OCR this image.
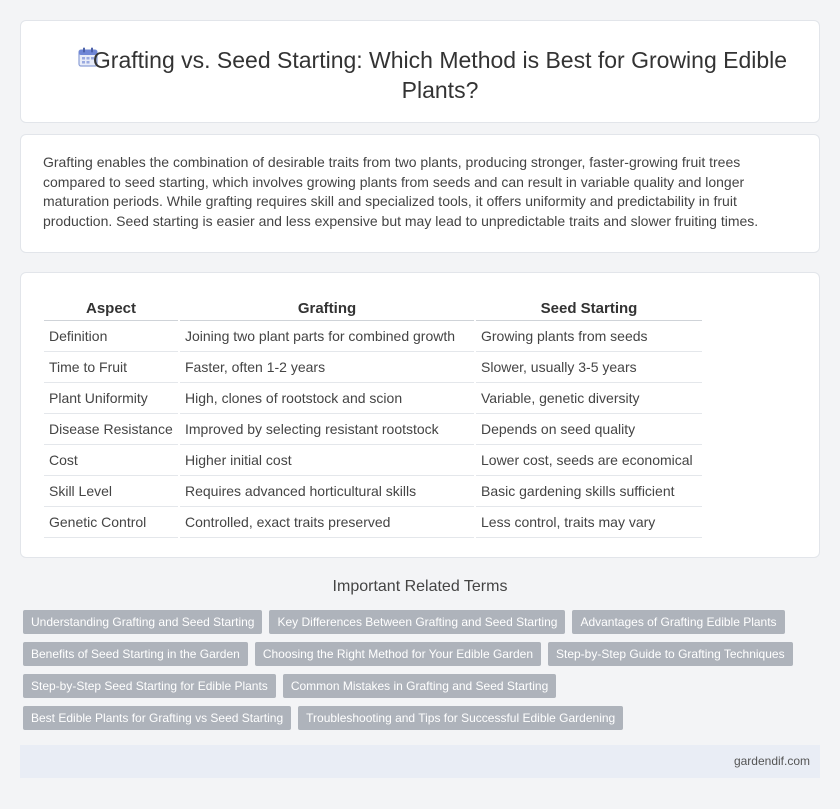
Grafting vs. Seed Starting: Which Method is Best for Growing Edible Plants?

Grafting enables the combination of desirable traits from two plants, producing stronger, faster-growing fruit trees compared to seed starting, which involves growing plants from seeds and can result in variable quality and longer maturation periods. While grafting requires skill and specialized tools, it offers uniformity and predictability in fruit production. Seed starting is easier and less expensive but may lead to unpredictable traits and slower fruiting times.

Aspect	Grafting	Seed Starting
Definition	Joining two plant parts for combined growth	Growing plants from seeds
Time to Fruit	Faster, often 1-2 years	Slower, usually 3-5 years
Plant Uniformity	High, clones of rootstock and scion	Variable, genetic diversity
Disease Resistance	Improved by selecting resistant rootstock	Depends on seed quality
Cost	Higher initial cost	Lower cost, seeds are economical
Skill Level	Requires advanced horticultural skills	Basic gardening skills sufficient
Genetic Control	Controlled, exact traits preserved	Less control, traits may vary
Important Related Terms
Understanding Grafting and Seed Starting	Key Differences Between Grafting and Seed Starting	Advantages of Grafting Edible Plants
Benefits of Seed Starting in the Garden	Choosing the Right Method for Your Edible Garden	Step-by-Step Guide to Grafting Techniques
Step-by-Step Seed Starting for Edible Plants	Common Mistakes in Grafting and Seed Starting
Best Edible Plants for Grafting vs Seed Starting	Troubleshooting and Tips for Successful Edible Gardening
gardendif.com
